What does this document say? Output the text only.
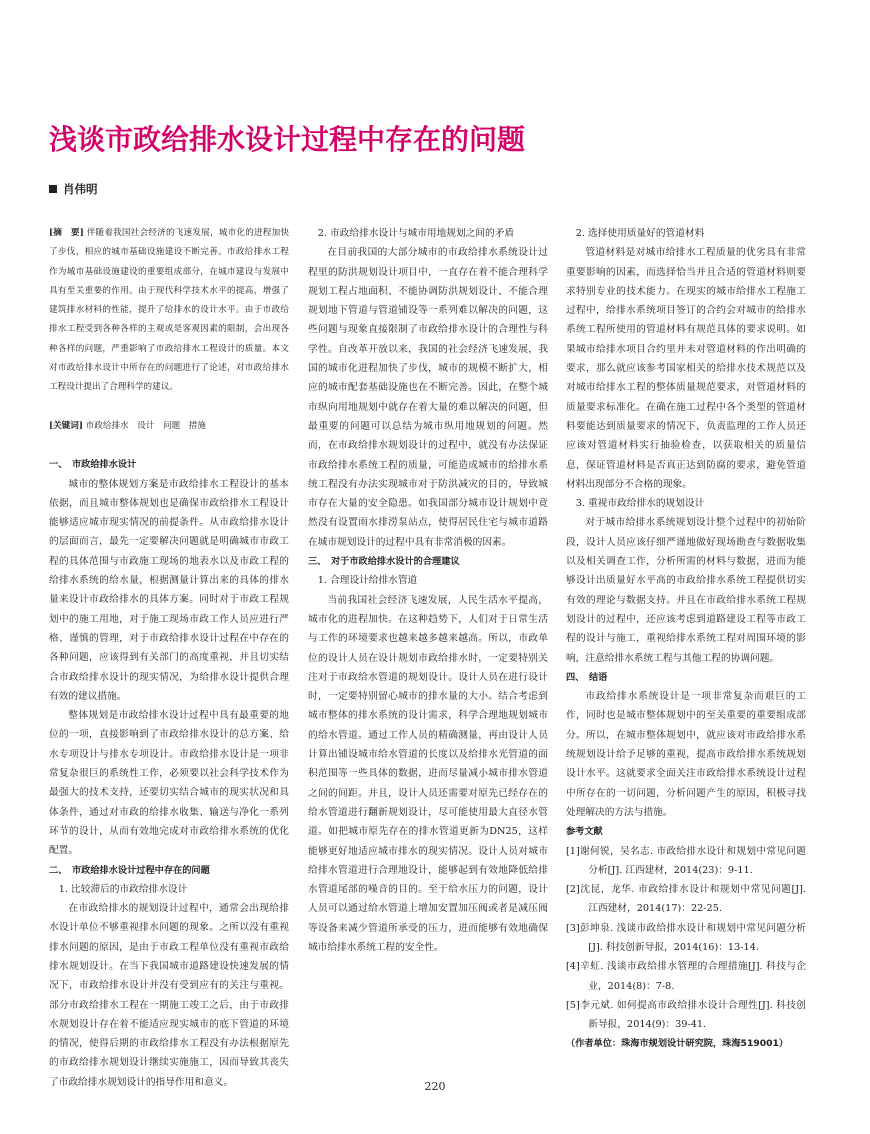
浅谈市政给排水设计过程中存在的问题
肖伟明

[摘　要] 伴随着我国社会经济的飞速发展，城市化的进程加快了步伐，相应的城市基础设施建设不断完善。市政给排水工程作为城市基础设施建设的重要组成部分，在城市建设与发展中具有至关重要的作用。由于现代科学技术水平的提高，增强了建筑排水材料的性能，提升了给排水的设计水平。由于市政给排水工程受到各种各样的主观或是客观因素的限制，会出现各种各样的问题，严重影响了市政给排水工程设计的质量。本文对市政给排水设计中所存在的问题进行了论述，对市政给排水工程设计提出了合理科学的建议。

[关键词] 市政给排水　设计　问题　措施

一、　市政给排水设计

城市的整体规划方案是市政给排水工程设计的基本依据，而且城市整体规划也是确保市政给排水工程设计能够适应城市现实情况的前提条件。从市政给排水设计的层面而言，最先一定要解决问题就是明确城市市政工程的具体范围与市政施工现场的地表水以及市政工程的给排水系统的给水量，根据测量计算出来的具体的排水量来设计市政给排水的具体方案。同时对于市政工程规划中的施工用地，对于施工现场市政工作人员应进行严格、谨慎的管理，对于市政给排水设计过程在中存在的各种问题，应该得到有关部门的高度重视，并且切实结合市政给排水设计的现实情况，为给排水设计提供合理有效的建议措施。

整体规划是市政给排水设计过程中具有最重要的地位的一项，直接影响到了市政给排水设计的总方案、给水专项设计与排水专项设计。市政给排水设计是一项非常复杂很巨的系统性工作，必须要以社会科学技术作为最强大的技术支持，还要切实结合城市的现实状况和具体条件，通过对市政的给排水收集、输送与净化一系列环节的设计，从而有效地完成对市政给排水系统的优化配置。

二、　市政给排水设计过程中存在的问题

1. 比较滞后的市政给排水设计

在市政给排水的规划设计过程中，通常会出现给排水设计单位不够重视排水问题的现象。之所以没有重视排水问题的原因，是由于市政工程单位没有重视市政给排水规划设计。在当下我国城市道路建设快速发展的情况下，市政给排水设计并没有受到应有的关注与重视。部分市政给排水工程在一期施工竣工之后，由于市政排水规划设计存在着不能适应现实城市的底下管道的环境的情况，使得后期的市政给排水工程没有办法根据原先的市政给排水规划设计继续实施施工，因而导致其丧失了市政给排水规划设计的指导作用和意义。

2. 市政给排水设计与城市用地规划之间的矛盾

在目前我国的大部分城市的市政给排水系统设计过程里的防洪规划设计项目中，一直存在着不能合理科学规划工程占地面积、不能协调防洪规划设计、不能合理规划地下管道与管道铺设等一系列难以解决的问题，这些问题与现象直接限制了市政给排水设计的合理性与科学性。自改革开放以来，我国的社会经济飞速发展，我国的城市化进程加快了步伐，城市的规模不断扩大，相应的城市配套基础设施也在不断完善。因此，在整个城市纵向用地规划中就存在着大量的难以解决的问题，但最重要的问题可以总结为城市纵用地规划的问题。然而，在市政给排水规划设计的过程中，就没有办法保证市政给排水系统工程的质量，可能造成城市的给排水系统工程没有办法实现城市对于防洪减灾的目的，导致城市存在大量的安全隐患。如我国部分城市设计规划中竟然没有设置雨水排涝泵站点，使得居民住宅与城市道路在城市规划设计的过程中具有非常消极的因素。

三、　对于市政给排水设计的合理建议

1. 合理设计给排水管道

当前我国社会经济飞速发展，人民生活水平提高，城市化的进程加快。在这种趋势下，人们对于日常生活与工作的环境要求也越来越多越来越高。所以，市政单位的设计人员在设计规划市政给排水时，一定要特别关注对于市政给水管道的规划设计。设计人员在进行设计时，一定要特别留心城市的排水量的大小。结合考虑到城市整体的排水系统的设计需求，科学合理地规划城市的给水管道。通过工作人员的精确测量，再由设计人员计算出铺设城市给水管道的长度以及给排水光管道的面积范围等一些具体的数据，进而尽量减小城市排水管道之间的间距。并且，设计人员还需要对原先已经存在的给水管道进行翻新规划设计，尽可能使用最大直径水管道。如把城市原先存在的排水管道更新为DN25，这样能够更好地适应城市排水的现实情况。设计人员对城市给排水管道进行合理地设计，能够起到有效地降低给排水管道尾部的噪音的目的。至于给水压力的问题，设计人员可以通过给水管道上增加安置加压阀或者是减压阀等设备来减少管道所承受的压力，进而能够有效地确保城市给排水系统工程的安全性。

2. 选择使用质量好的管道材料

管道材料是对城市给排水工程质量的优劣具有非常重要影响的因素，而选择恰当并且合适的管道材料则要求特别专业的技术能力。在现实的城市给排水工程施工过程中，给排水系统项目签订的合约会对城市的给排水系统工程所使用的管道材料有规范具体的要求说明。如果城市给排水项目合约里并未对管道材料的作出明确的要求，那么就应该参考国家相关的给排水技术规范以及对城市给排水工程的整体质量规范要求，对管道材料的质量要求标准化。在确在施工过程中各个类型的管道材料要能达到质量要求的情况下，负责监理的工作人员还应该对管道材料实行抽验检查，以获取相关的质量信息，保证管道材料是否真正达到防腐的要求，避免管道材料出现部分不合格的现象。

3. 重视市政给排水的规划设计

对于城市给排水系统规划设计整个过程中的初始阶段，设计人员应该仔细严谨地做好现场勘查与数据收集以及相关调查工作，分析所需的材料与数据，进而为能够设计出质量好水平高的市政给排水系统工程提供切实有效的理论与数据支持。并且在市政给排水系统工程规划设计的过程中，还应该考虑到道路建设工程等市政工程的设计与施工，重视给排水系统工程对周围环境的影响，注意给排水系统工程与其他工程的协调问题。

四、　结语

市政给排水系统设计是一项非常复杂而艰巨的工作，同时也是城市整体规划中的至关重要的重要组成部分。所以，在城市整体规划中，就应该对市政给排水系统规划设计给予足够的重视，提高市政给排水系统规划设计水平。这就要求全面关注市政给排水系统设计过程中所存在的一切问题，分析问题产生的原因，积极寻找处理解决的方法与措施。

参考文献

[1]谢何锐，吴名志. 市政给排水设计和规划中常见问题分析[J]. 江西建材，2014(23)：9-11.

[2]沈昆，龙华. 市政给排水设计和规划中常见问题[J]. 江西建材，2014(17)：22-25.

[3]彭坤泉. 浅谈市政给排水设计和规划中常见问题分析[J]. 科技创新导报，2014(16)：13-14.

[4]辛虹. 浅谈市政给排水管理的合理措施[J]. 科技与企业，2014(8)：7-8.

[5]李元斌. 如何提高市政给排水设计合理性[J]. 科技创新导报，2014(9)：39-41.

（作者单位：珠海市规划设计研究院，珠海519001）

220
